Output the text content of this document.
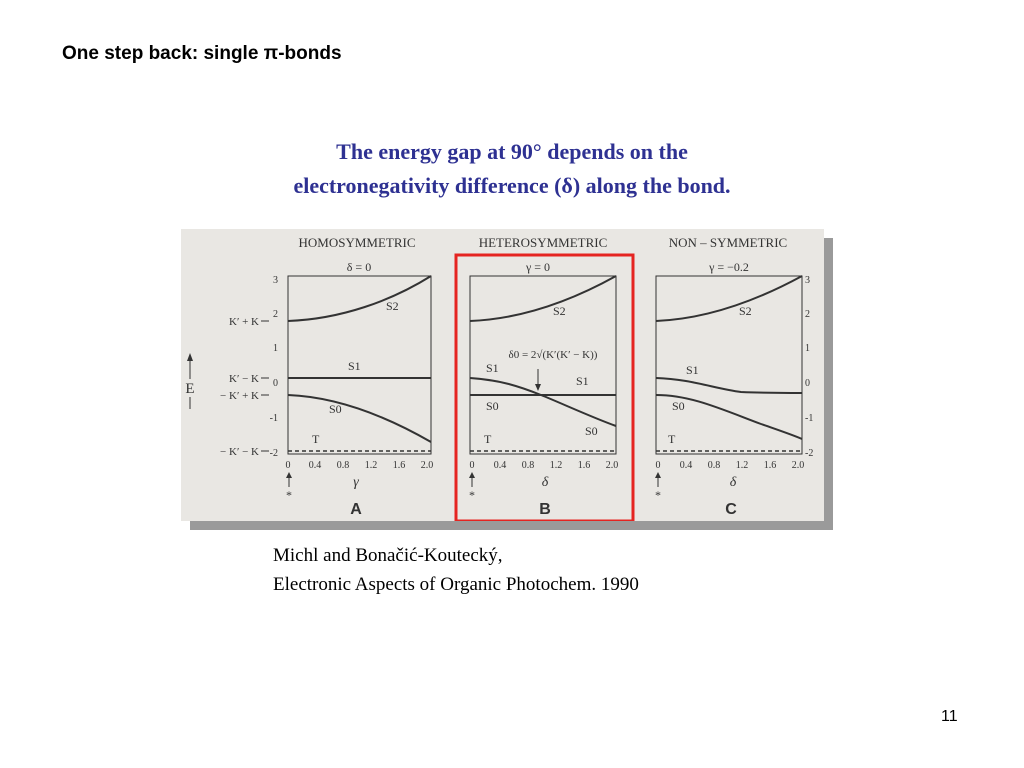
One step back: single π-bonds
The energy gap at 90° depends on the
electronegativity difference (δ) along the bond.
HOMOSYMMETRIC	HETEROSYMMETRIC	NON – SYMMETRIC
δ = 0	γ = 0	γ = −0.2
E
K′ + K
K′ − K
− K′ + K
− K′ − K
3
2
1
0
-1
-2
3
2
1
0
-1
-2
δ0 = 2√(K′(K′ − K))
S2
S1
S0
T
S2
S1
S1
S0
S0
T
S2
S1
S0
T
0 0.4 0.8 1.2 1.6 2.0	0 0.4 0.8 1.2 1.6 2.0	0 0.4 0.8 1.2 1.6 2.0
*	*	*
γ	δ	δ
A	B	C
Michl and Bonačić-Koutecký,
Electronic Aspects of Organic Photochem. 1990
11
